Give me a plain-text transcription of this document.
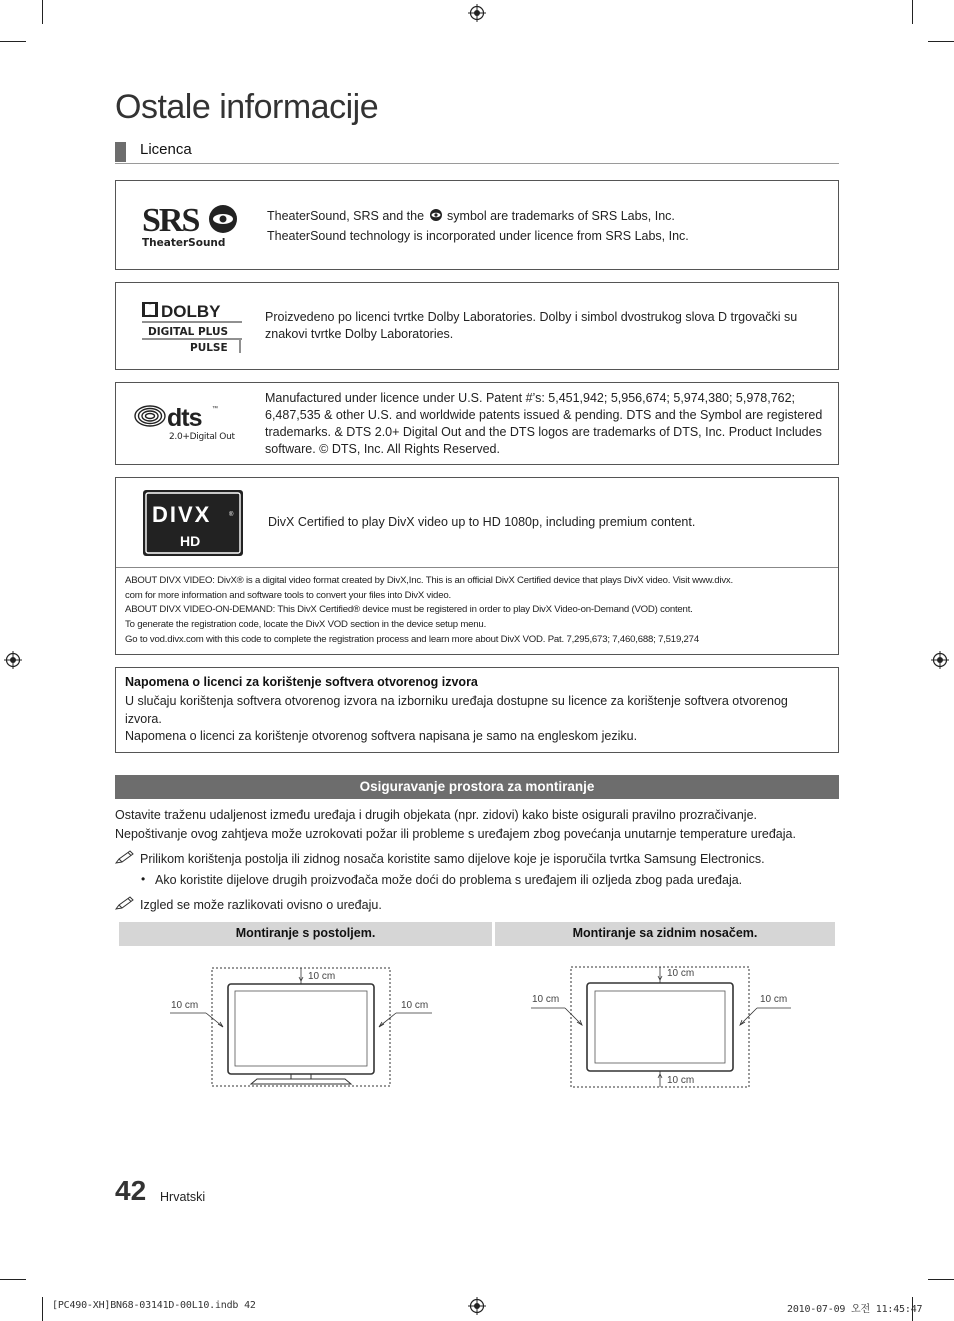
Ostale informacije
Licenca
SRS
TheaterSound
TheaterSound, SRS and the symbol are trademarks of SRS Labs, Inc.
TheaterSound technology is incorporated under licence from SRS Labs, Inc.
DOLBY
DIGITAL PLUS
PULSE
Proizvedeno po licenci tvrtke Dolby Laboratories. Dolby i simbol dvostrukog slova D trgovački su znakovi tvrtke Dolby Laboratories.
dts ™
2.0+Digital Out
Manufactured under licence under U.S. Patent #’s: 5,451,942; 5,956,674; 5,974,380; 5,978,762; 6,487,535 & other U.S. and worldwide patents issued & pending. DTS and the Symbol are registered trademarks. & DTS 2.0+ Digital Out and the DTS logos are trademarks of DTS, Inc. Product Includes software. © DTS, Inc. All Rights Reserved.
DIVX	®
HD
DivX Certified to play DivX video up to HD 1080p, including premium content.
ABOUT DIVX VIDEO: DivX® is a digital video format created by DivX,Inc. This is an official DivX Certified device that plays DivX video. Visit www.divx.
com for more information and software tools to convert your files into DivX video.
ABOUT DIVX VIDEO-ON-DEMAND: This DivX Certified® device must be registered in order to play DivX Video-on-Demand (VOD) content.
To generate the registration code, locate the DivX VOD section in the device setup menu.
Go to vod.divx.com with this code to complete the registration process and learn more about DivX VOD. Pat. 7,295,673; 7,460,688; 7,519,274
Napomena o licenci za korištenje softvera otvorenog izvora
U slučaju korištenja softvera otvorenog izvora na izborniku uređaja dostupne su licence za korištenje softvera otvorenog izvora.
Napomena o licenci za korištenje otvorenog softvera napisana je samo na engleskom jeziku.
Osiguravanje prostora za montiranje
Ostavite traženu udaljenost između uređaja i drugih objekata (npr. zidovi) kako biste osigurali pravilno prozračivanje.
Nepoštivanje ovog zahtjeva može uzrokovati požar ili probleme s uređajem zbog povećanja unutarnje temperature uređaja.
Prilikom korištenja postolja ili zidnog nosača koristite samo dijelove koje je isporučila tvrtka Samsung Electronics.
• Ako koristite dijelove drugih proizvođača može doći do problema s uređajem ili ozljeda zbog pada uređaja.
Izgled se može razlikovati ovisno o uređaju.
Montiranje s postoljem.	Montiranje sa zidnim nosačem.
10 cm
10 cm	10 cm
10 cm
10 cm	10 cm
10 cm
42 Hrvatski
[PC490-XH]BN68-03141D-00L10.indb 42	2010-07-09 오전 11:45:47
